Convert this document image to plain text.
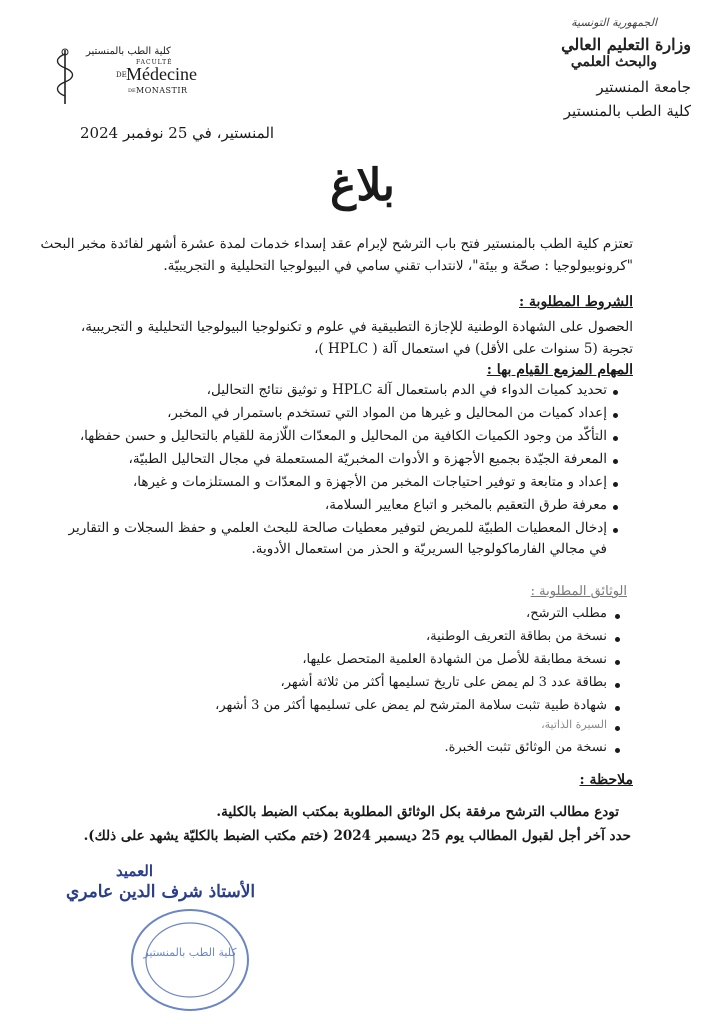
الجمهورية التونسية
وزارة التعليم العالي
والبحث العلمي
جامعة المنستير
كلية الطب بالمنستير
كلية الطب بالمنستير
FACULTÉ
DE Médecine
DE MONASTIR
المنستير، في 25 نوفمبر 2024
بلاغ
تعتزم كلية الطب بالمنستير فتح باب الترشح لإبرام عقد إسداء خدمات لمدة عشرة أشهر لفائدة مخبر البحث
"كرونوبيولوجيا : صحّة و بيئة"، لانتداب تقني سامي في البيولوجيا التحليلية و التجريبيّة.
الشروط المطلوبة :
الحصول على الشهادة الوطنية للإجازة التطبيقية في علوم و تكنولوجيا البيولوجيا التحليلية و التجريبية،
تجربة (5 سنوات على الأقل) في استعمال آلة ( HPLC )،
المهام المزمع القيام بها :
تحديد كميات الدواء في الدم باستعمال آلة HPLC و توثيق نتائج التحاليل،
إعداد كميات من المحاليل و غيرها من المواد التي تستخدم باستمرار في المخبر،
التأكّد من وجود الكميات الكافية من المحاليل و المعدّات اللّازمة للقيام بالتحاليل و حسن حفظها،
المعرفة الجيّدة بجميع الأجهزة و الأدوات المخبريّة المستعملة في مجال التحاليل الطبيّة،
إعداد و متابعة و توفير احتياجات المخبر من الأجهزة و المعدّات و المستلزمات و غيرها،
معرفة طرق التعقيم بالمخبر و اتباع معايير السلامة،
إدخال المعطيات الطبيّة للمريض لتوفير معطيات صالحة للبحث العلمي و حفظ السجلات و التقارير
في مجالي الفارماكولوجيا السريريّة و الحذر من استعمال الأدوية.
الوثائق المطلوبة :
مطلب الترشح،
نسخة من بطاقة التعريف الوطنية،
نسخة مطابقة للأصل من الشهادة العلمية المتحصل عليها،
بطاقة عدد 3 لم يمض على تاريخ تسليمها أكثر من ثلاثة أشهر،
شهادة طبية تثبت سلامة المترشح لم يمض على تسليمها أكثر من 3 أشهر،
السيرة الذاتية،
نسخة من الوثائق تثبت الخبرة.
ملاحظة :
تودع مطالب الترشح مرفقة بكل الوثائق المطلوبة بمكتب الضبط بالكلية.
حدد آخر أجل لقبول المطالب يوم 25 ديسمبر 2024 (ختم مكتب الضبط بالكليّة يشهد على ذلك).
العميد
الأستاذ شرف الدين عامري
كلية الطب بالمنستير
